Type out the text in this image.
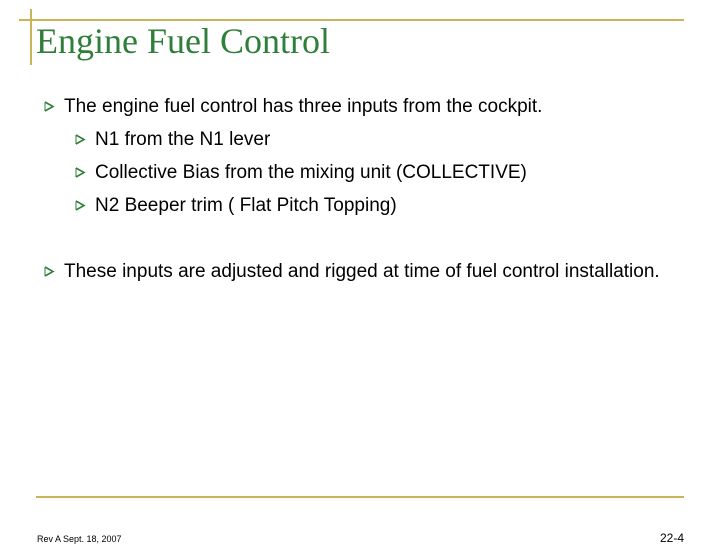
Engine Fuel Control
The engine fuel control has three inputs from the cockpit.
N1 from the N1 lever
Collective Bias from the mixing unit (COLLECTIVE)
N2 Beeper trim ( Flat Pitch Topping)
These inputs are adjusted and rigged at time of fuel control installation.
Rev A Sept. 18, 2007	22-4
